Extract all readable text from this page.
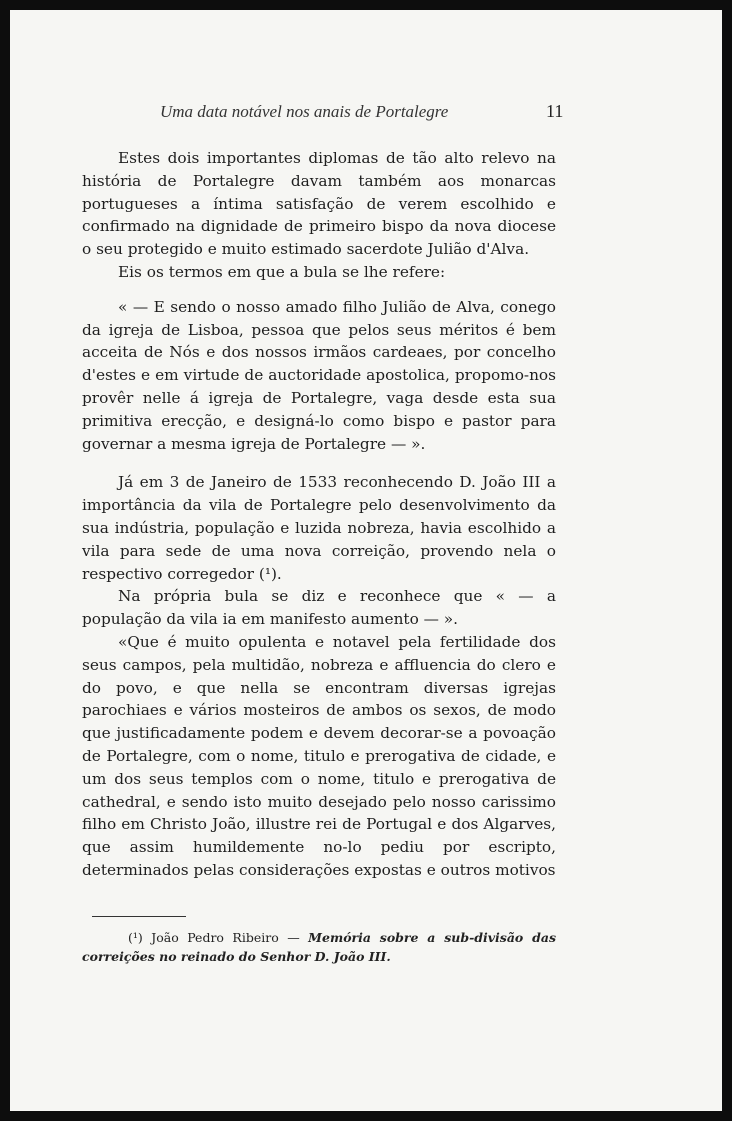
Uma data notável nos anais de Portalegre	11

Estes dois importantes diplomas de tão alto relevo na história de Portalegre davam também aos monarcas portugueses a íntima satisfação de verem escolhido e confirmado na dignidade de primeiro bispo da nova diocese o seu protegido e muito estimado sacerdote Julião d'Alva.

Eis os termos em que a bula se lhe refere:

« — E sendo o nosso amado filho Julião de Alva, conego da igreja de Lisboa, pessoa que pelos seus méritos é bem acceita de Nós e dos nossos irmãos cardeaes, por concelho d'estes e em virtude de auctoridade apostolica, propomo-nos provêr nelle á igreja de Portalegre, vaga desde esta sua primitiva erecção, e designá-lo como bispo e pastor para governar a mesma igreja de Portalegre — ».

Já em 3 de Janeiro de 1533 reconhecendo D. João III a importância da vila de Portalegre pelo desenvolvimento da sua indústria, população e luzida nobreza, havia escolhido a vila para sede de uma nova correição, provendo nela o respectivo corregedor (¹).

Na própria bula se diz e reconhece que « — a população da vila ia em manifesto aumento — ».

«Que é muito opulenta e notavel pela fertilidade dos seus campos, pela multidão, nobreza e affluencia do clero e do povo, e que nella se encontram diversas igrejas parochiaes e vários mosteiros de ambos os sexos, de modo que justificadamente podem e devem decorar-se a povoação de Portalegre, com o nome, titulo e prerogativa de cidade, e um dos seus templos com o nome, titulo e prerogativa de cathedral, e sendo isto muito desejado pelo nosso carissimo filho em Christo João, illustre rei de Portugal e dos Algarves, que assim humildemente no-lo pediu por escripto, determinados pelas considerações expostas e outros motivos

(¹) João Pedro Ribeiro — Memória sobre a sub-divisão das correições no reinado do Senhor D. João III.
